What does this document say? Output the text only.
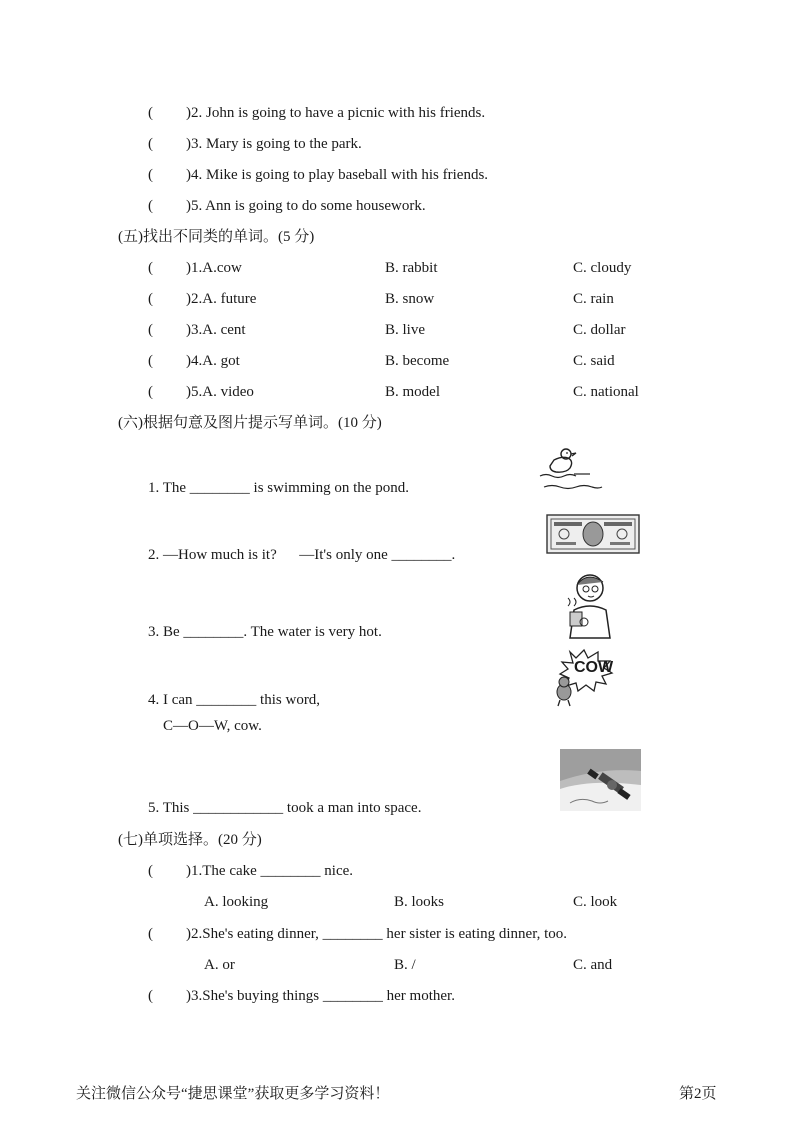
( )2. John is going to have a picnic with his friends.
( )3. Mary is going to the park.
( )4. Mike is going to play baseball with his friends.
( )5. Ann is going to do some housework.
(五)找出不同类的单词。(5 分)
( )1.A.cow	B. rabbit	C. cloudy
( )2.A. future	B. snow	C. rain
( )3.A. cent	B. live	C. dollar
( )4.A. got	B. become	C. said
( )5.A. video	B. model	C. national
(六)根据句意及图片提示写单词。(10 分)
1. The ________ is swimming on the pond.
2. —How much is it?      —It's only one ________.
3. Be ________. The water is very hot.
4. I can ________ this word,
C—O—W, cow.
COW
5. This ____________ took a man into space.
(七)单项选择。(20 分)
( )1.The cake ________ nice.
A. looking	B. looks	C. look
( )2.She's eating dinner, ________ her sister is eating dinner, too.
A. or	B. /	C. and
( )3.She's buying things ________ her mother.
关注微信公众号“捷思课堂”获取更多学习资料！	第2页
